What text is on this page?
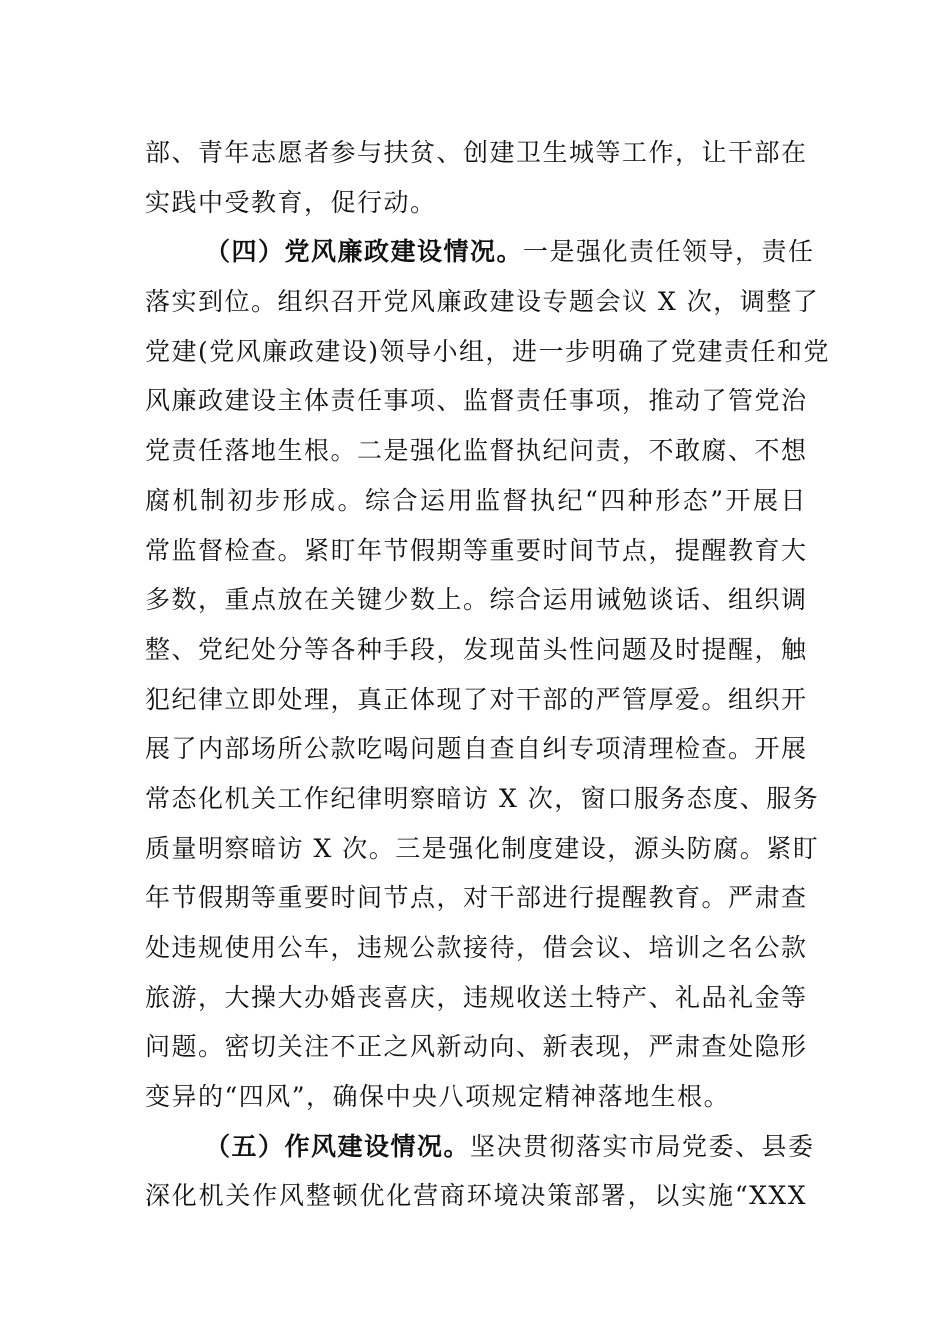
部、青年志愿者参与扶贫、创建卫生城等工作，让干部在
实践中受教育，促行动。
（四）党风廉政建设情况。一是强化责任领导，责任
落实到位。组织召开党风廉政建设专题会议 X 次，调整了
党建(党风廉政建设)领导小组，进一步明确了党建责任和党
风廉政建设主体责任事项、监督责任事项，推动了管党治
党责任落地生根。二是强化监督执纪问责，不敢腐、不想
腐机制初步形成。综合运用监督执纪“四种形态”开展日
常监督检查。紧盯年节假期等重要时间节点，提醒教育大
多数，重点放在关键少数上。综合运用诫勉谈话、组织调
整、党纪处分等各种手段，发现苗头性问题及时提醒，触
犯纪律立即处理，真正体现了对干部的严管厚爱。组织开
展了内部场所公款吃喝问题自查自纠专项清理检查。开展
常态化机关工作纪律明察暗访 X 次，窗口服务态度、服务
质量明察暗访 X 次。三是强化制度建设，源头防腐。紧盯
年节假期等重要时间节点，对干部进行提醒教育。严肃查
处违规使用公车，违规公款接待，借会议、培训之名公款
旅游，大操大办婚丧喜庆，违规收送土特产、礼品礼金等
问题。密切关注不正之风新动向、新表现，严肃查处隐形
变异的“四风”，确保中央八项规定精神落地生根。
（五）作风建设情况。坚决贯彻落实市局党委、县委
深化机关作风整顿优化营商环境决策部署，以实施“XXX
